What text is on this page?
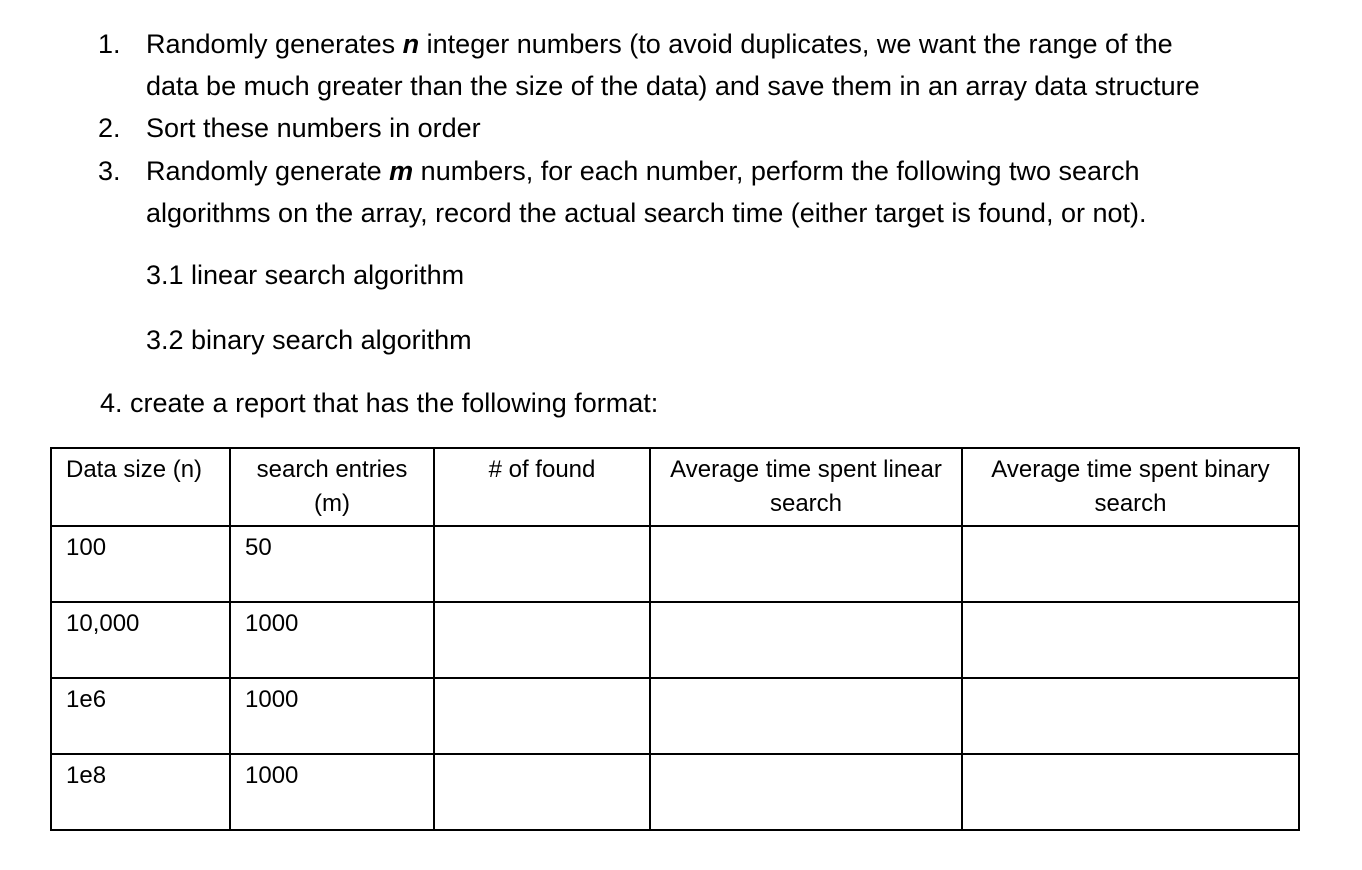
1. Randomly generates n integer numbers (to avoid duplicates, we want the range of the
data be much greater than the size of the data) and save them in an array data structure
2. Sort these numbers in order
3. Randomly generate m numbers, for each number, perform the following two search
algorithms on the array, record the actual search time (either target is found, or not).
3.1 linear search algorithm
3.2 binary search algorithm
4. create a report that has the following format:
Data size (n)	search entries (m)	# of found	Average time spent linear search	Average time spent binary search
100	50			
10,000	1000			
1e6	1000			
1e8	1000			
